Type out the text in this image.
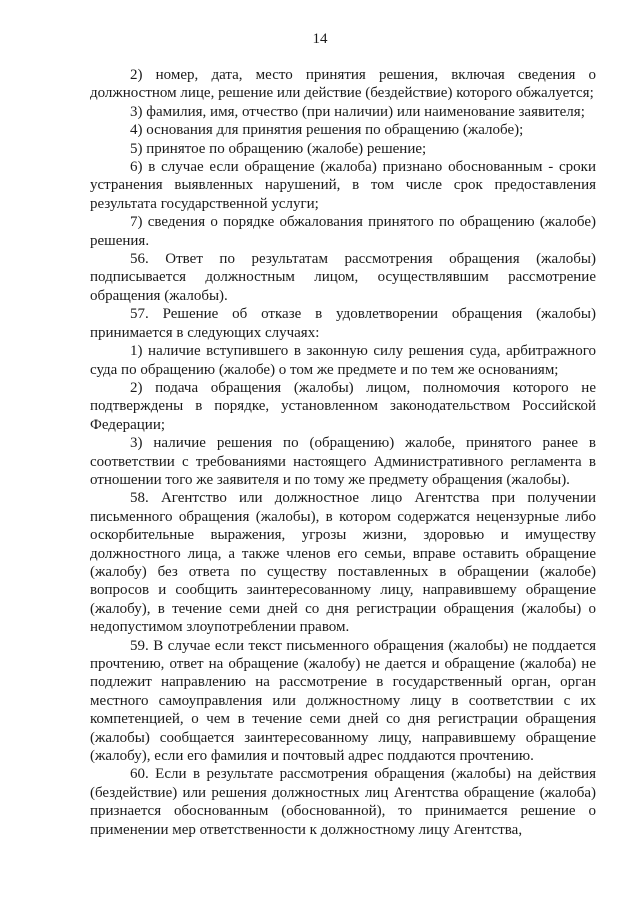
14

2) номер, дата, место принятия решения, включая сведения о должностном лице, решение или действие (бездействие) которого обжалуется;

3) фамилия, имя, отчество (при наличии) или наименование заявителя;

4) основания для принятия решения по обращению (жалобе);

5) принятое по обращению (жалобе) решение;

6) в случае если обращение (жалоба) признано обоснованным - сроки устранения выявленных нарушений, в том числе срок предоставления результата государственной услуги;

7) сведения о порядке обжалования принятого по обращению (жалобе) решения.

56. Ответ по результатам рассмотрения обращения (жалобы) подписывается должностным лицом, осуществлявшим рассмотрение обращения (жалобы).

57. Решение об отказе в удовлетворении обращения (жалобы) принимается в следующих случаях:

1) наличие вступившего в законную силу решения суда, арбитражного суда по обращению (жалобе) о том же предмете и по тем же основаниям;

2) подача обращения (жалобы) лицом, полномочия которого не подтверждены в порядке, установленном законодательством Российской Федерации;

3) наличие решения по (обращению) жалобе, принятого ранее в соответствии с требованиями настоящего Административного регламента в отношении того же заявителя и по тому же предмету обращения (жалобы).

58. Агентство или должностное лицо Агентства при получении письменного обращения (жалобы), в котором содержатся нецензурные либо оскорбительные выражения, угрозы жизни, здоровью и имуществу должностного лица, а также членов его семьи, вправе оставить обращение (жалобу) без ответа по существу поставленных в обращении (жалобе) вопросов и сообщить заинтересованному лицу, направившему обращение (жалобу), в течение семи дней со дня регистрации обращения (жалобы) о недопустимом злоупотреблении правом.

59. В случае если текст письменного обращения (жалобы) не поддается прочтению, ответ на обращение (жалобу) не дается и обращение (жалоба) не подлежит направлению на рассмотрение в государственный орган, орган местного самоуправления или должностному лицу в соответствии с их компетенцией, о чем в течение семи дней со дня регистрации обращения (жалобы) сообщается заинтересованному лицу, направившему обращение (жалобу), если его фамилия и почтовый адрес поддаются прочтению.

60. Если в результате рассмотрения обращения (жалобы) на действия (бездействие) или решения должностных лиц Агентства обращение (жалоба) признается обоснованным (обоснованной), то принимается решение о применении мер ответственности к должностному лицу Агентства,
